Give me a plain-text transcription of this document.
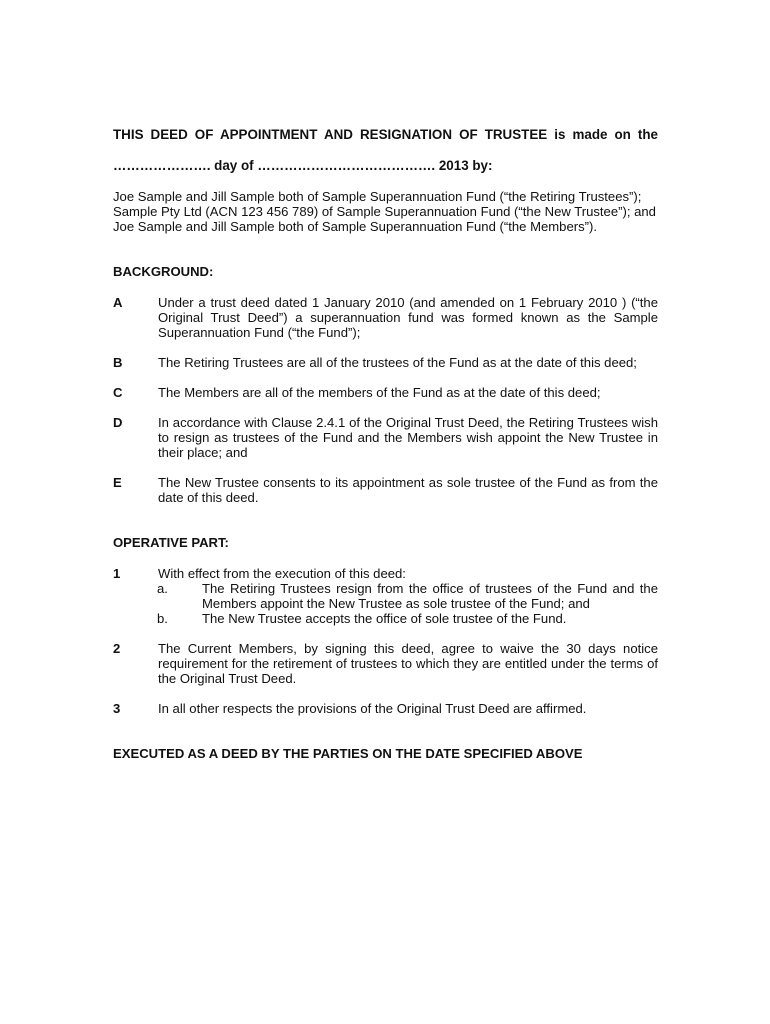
THIS DEED OF APPOINTMENT AND RESIGNATION OF TRUSTEE is made on the
…………………. day of …………………………………. 2013 by:
Joe Sample and Jill Sample both of Sample Superannuation Fund (“the Retiring Trustees”);
Sample Pty Ltd (ACN 123 456 789) of Sample Superannuation Fund (“the New Trustee”); and
Joe Sample and Jill Sample both of Sample Superannuation Fund (“the Members”).
BACKGROUND:
A	Under a trust deed dated 1 January 2010 (and amended on 1 February 2010 ) (“the Original Trust Deed”) a superannuation fund was formed known as the Sample Superannuation Fund (“the Fund”);
B	The Retiring Trustees are all of the trustees of the Fund as at the date of this deed;
C	The Members are all of the members of the Fund as at the date of this deed;
D	In accordance with Clause 2.4.1 of the Original Trust Deed, the Retiring Trustees wish to resign as trustees of the Fund and the Members wish appoint the New Trustee in their place; and
E	The New Trustee consents to its appointment as sole trustee of the Fund as from the date of this deed.
OPERATIVE PART:
1	With effect from the execution of this deed:
a.	The Retiring Trustees resign from the office of trustees of the Fund and the Members appoint the New Trustee as sole trustee of the Fund; and
b.	The New Trustee accepts the office of sole trustee of the Fund.
2	The Current Members, by signing this deed, agree to waive the 30 days notice requirement for the retirement of trustees to which they are entitled under the terms of the Original Trust Deed.
3	In all other respects the provisions of the Original Trust Deed are affirmed.
EXECUTED AS A DEED BY THE PARTIES ON THE DATE SPECIFIED ABOVE
